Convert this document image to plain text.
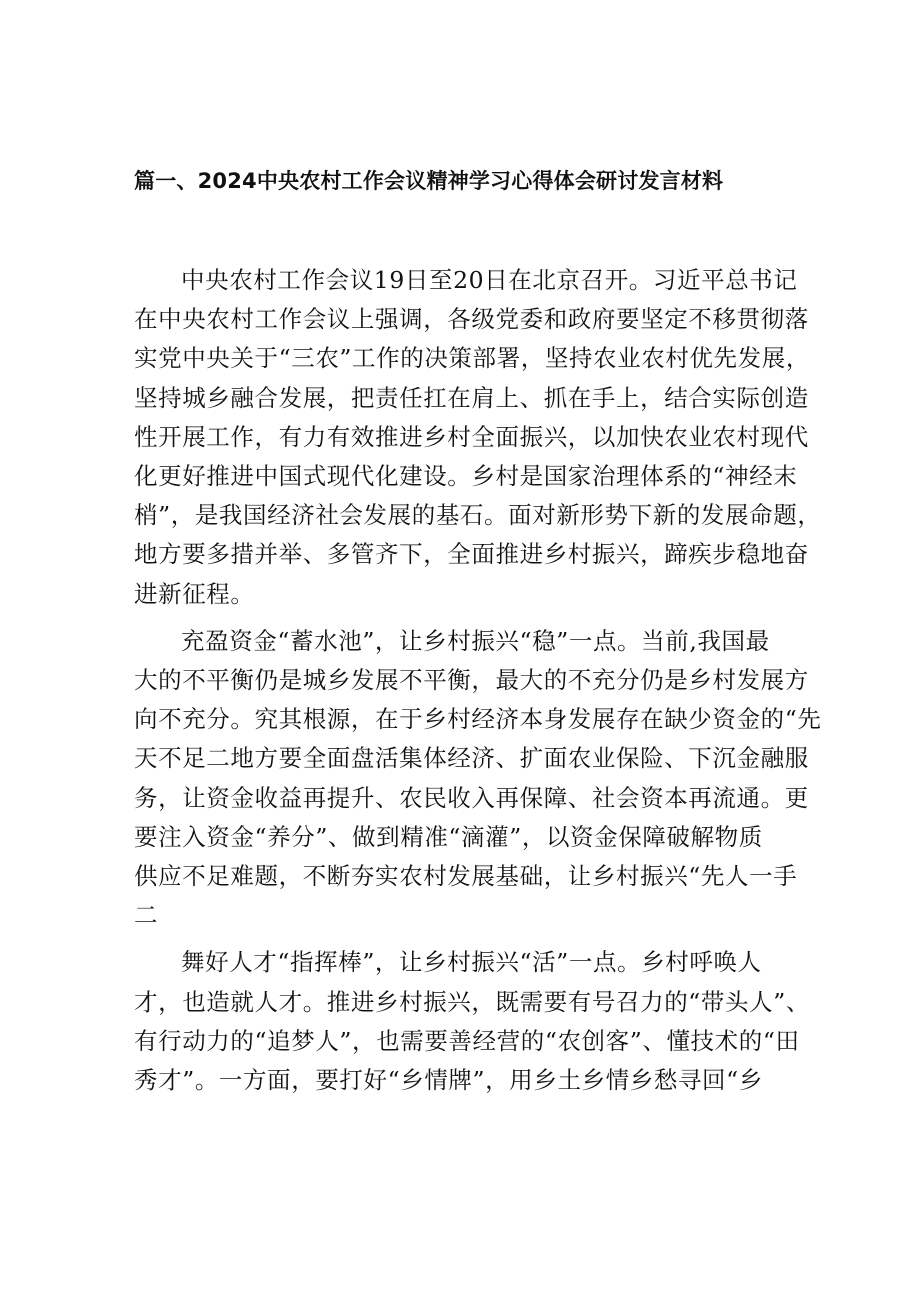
篇一、2024中央农村工作会议精神学习心得体会研讨发言材料

中央农村工作会议19日至20日在北京召开。习近平总书记
在中央农村工作会议上强调，各级党委和政府要坚定不移贯彻落
实党中央关于“三农”工作的决策部署，坚持农业农村优先发展，
坚持城乡融合发展，把责任扛在肩上、抓在手上，结合实际创造
性开展工作，有力有效推进乡村全面振兴，以加快农业农村现代
化更好推进中国式现代化建设。乡村是国家治理体系的“神经末
梢”，是我国经济社会发展的基石。面对新形势下新的发展命题，
地方要多措并举、多管齐下，全面推进乡村振兴，蹄疾步稳地奋
进新征程。

充盈资金“蓄水池”，让乡村振兴“稳”一点。当前,我国最
大的不平衡仍是城乡发展不平衡，最大的不充分仍是乡村发展方
向不充分。究其根源，在于乡村经济本身发展存在缺少资金的“先
天不足二地方要全面盘活集体经济、扩面农业保险、下沉金融服
务，让资金收益再提升、农民收入再保障、社会资本再流通。更
要注入资金“养分”、做到精准“滴灌”，以资金保障破解物质
供应不足难题，不断夯实农村发展基础，让乡村振兴“先人一手
二

舞好人才“指挥棒”，让乡村振兴“活”一点。乡村呼唤人
才，也造就人才。推进乡村振兴，既需要有号召力的“带头人”、
有行动力的“追梦人”，也需要善经营的“农创客”、懂技术的“田
秀才”。一方面，要打好“乡情牌”，用乡土乡情乡愁寻回“乡
